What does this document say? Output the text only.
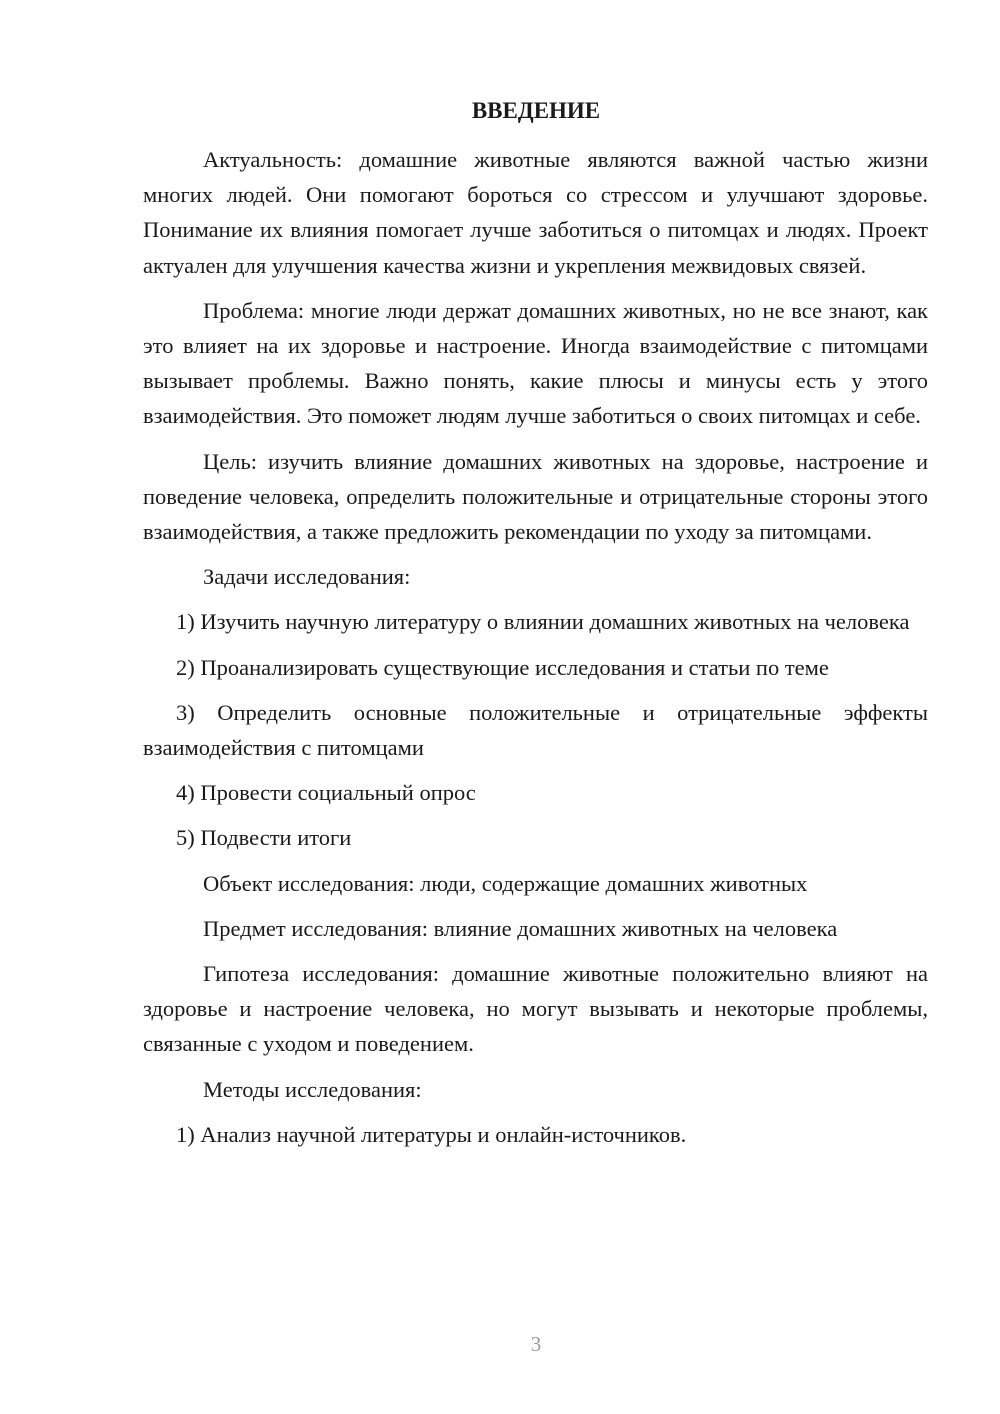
ВВЕДЕНИЕ

Актуальность: домашние животные являются важной частью жизни многих людей. Они помогают бороться со стрессом и улучшают здоровье. Понимание их влияния помогает лучше заботиться о питомцах и людях. Проект актуален для улучшения качества жизни и укрепления межвидовых связей.

Проблема: многие люди держат домашних животных, но не все знают, как это влияет на их здоровье и настроение. Иногда взаимодействие с питомцами вызывает проблемы. Важно понять, какие плюсы и минусы есть у этого взаимодействия. Это поможет людям лучше заботиться о своих питомцах и себе.

Цель: изучить влияние домашних животных на здоровье, настроение и поведение человека, определить положительные и отрицательные стороны этого взаимодействия, а также предложить рекомендации по уходу за питомцами.

Задачи исследования:

1) Изучить научную литературу о влиянии домашних животных на человека

2) Проанализировать существующие исследования и статьи по теме

3) Определить основные положительные и отрицательные эффекты взаимодействия с питомцами

4) Провести социальный опрос

5) Подвести итоги

Объект исследования: люди, содержащие домашних животных

Предмет исследования: влияние домашних животных на человека

Гипотеза исследования: домашние животные положительно влияют на здоровье и настроение человека, но могут вызывать и некоторые проблемы, связанные с уходом и поведением.

Методы исследования:

1) Анализ научной литературы и онлайн-источников.

3
